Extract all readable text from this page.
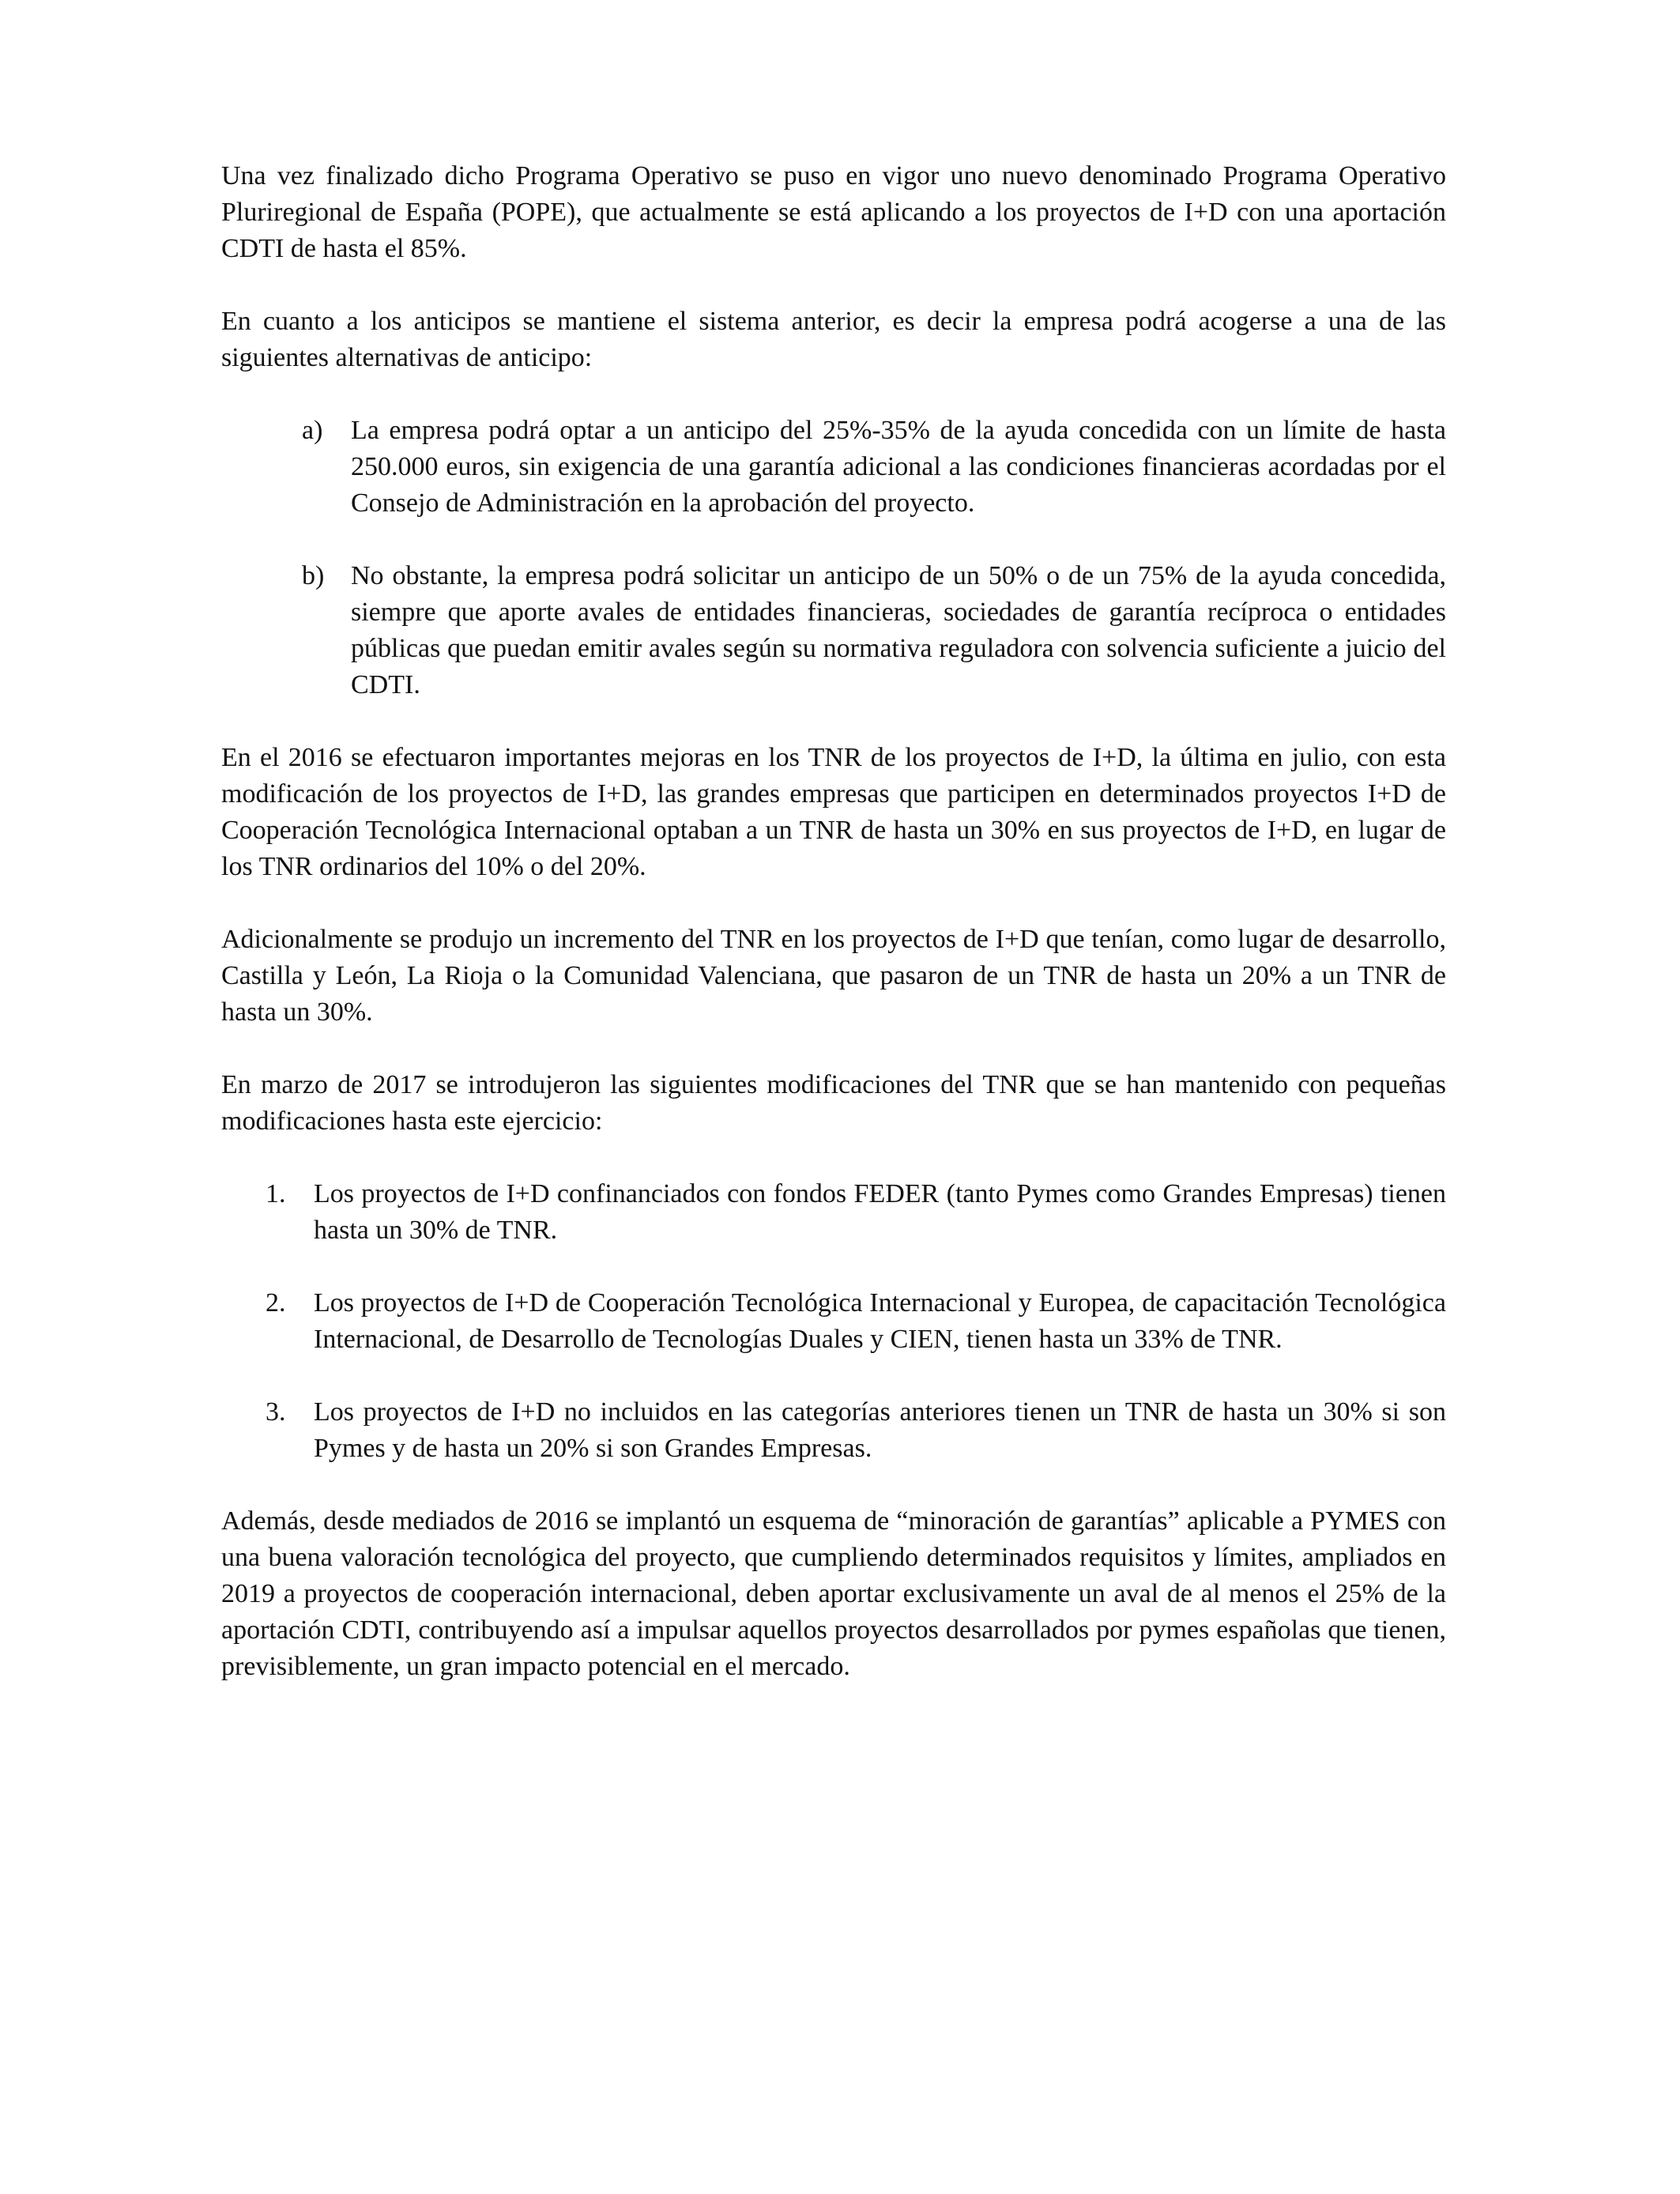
Una vez finalizado dicho Programa Operativo se puso en vigor uno nuevo denominado Programa Operativo Pluriregional de España (POPE), que actualmente se está aplicando a los proyectos de I+D con una aportación CDTI de hasta el 85%.

En cuanto a los anticipos se mantiene el sistema anterior, es decir la empresa podrá acogerse a una de las siguientes alternativas de anticipo:

a) La empresa podrá optar a un anticipo del 25%-35% de la ayuda concedida con un límite de hasta 250.000 euros, sin exigencia de una garantía adicional a las condiciones financieras acordadas por el Consejo de Administración en la aprobación del proyecto.
b) No obstante, la empresa podrá solicitar un anticipo de un 50% o de un 75% de la ayuda concedida, siempre que aporte avales de entidades financieras, sociedades de garantía recíproca o entidades públicas que puedan emitir avales según su normativa reguladora con solvencia suficiente a juicio del CDTI.

En el 2016 se efectuaron importantes mejoras en los TNR de los proyectos de I+D, la última en julio, con esta modificación de los proyectos de I+D, las grandes empresas que participen en determinados proyectos I+D de Cooperación Tecnológica Internacional optaban a un TNR de hasta un 30% en sus proyectos de I+D, en lugar de los TNR ordinarios del 10% o del 20%.

Adicionalmente se produjo un incremento del TNR en los proyectos de I+D que tenían, como lugar de desarrollo, Castilla y León, La Rioja o la Comunidad Valenciana, que pasaron de un TNR de hasta un 20% a un TNR de hasta un 30%.

En marzo de 2017 se introdujeron las siguientes modificaciones del TNR que se han mantenido con pequeñas modificaciones hasta este ejercicio:

1. Los proyectos de I+D confinanciados con fondos FEDER (tanto Pymes como Grandes Empresas) tienen hasta un 30% de TNR.
2. Los proyectos de I+D de Cooperación Tecnológica Internacional y Europea, de capacitación Tecnológica Internacional, de Desarrollo de Tecnologías Duales y CIEN, tienen hasta un 33% de TNR.
3. Los proyectos de I+D no incluidos en las categorías anteriores tienen un TNR de hasta un 30% si son Pymes y de hasta un 20% si son Grandes Empresas.

Además, desde mediados de 2016 se implantó un esquema de “minoración de garantías” aplicable a PYMES con una buena valoración tecnológica del proyecto, que cumpliendo determinados requisitos y límites, ampliados en 2019 a proyectos de cooperación internacional, deben aportar exclusivamente un aval de al menos el 25% de la aportación CDTI, contribuyendo así a impulsar aquellos proyectos desarrollados por pymes españolas que tienen, previsiblemente, un gran impacto potencial en el mercado.
